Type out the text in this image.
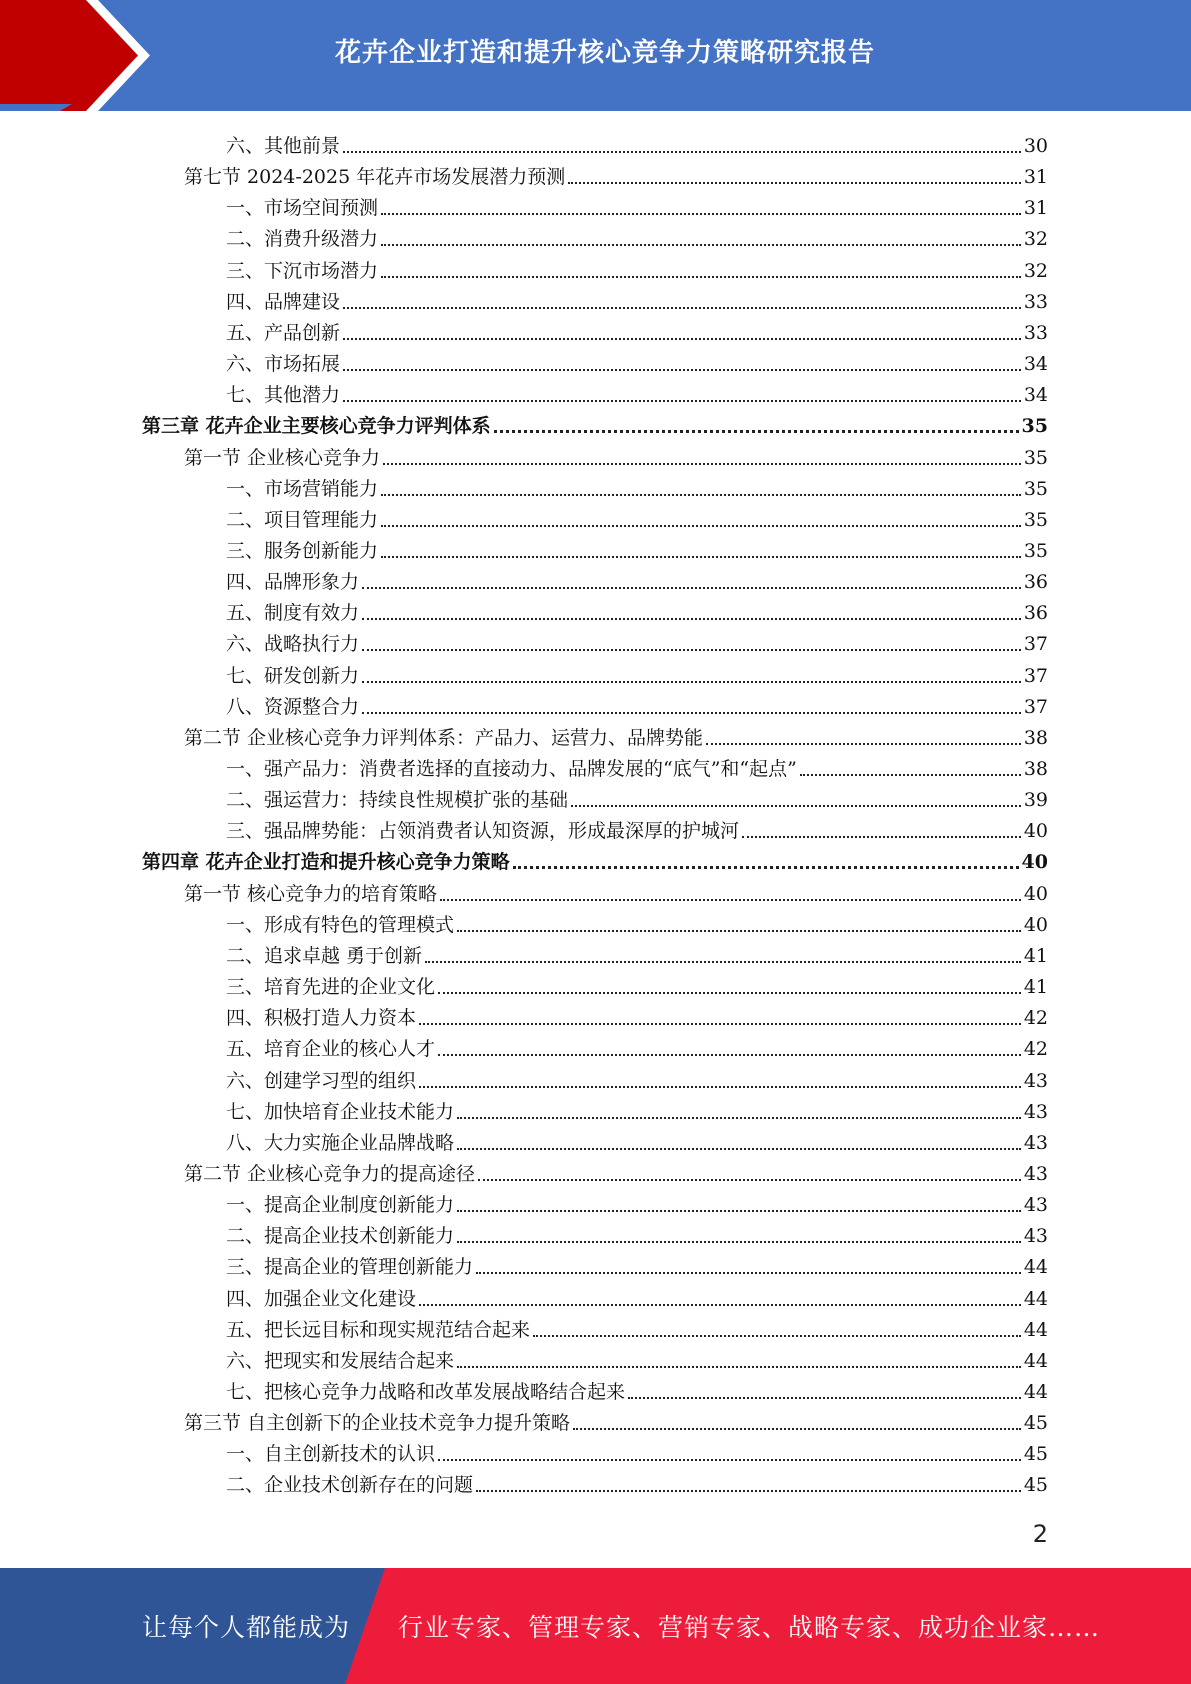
花卉企业打造和提升核心竞争力策略研究报告
六、其他前景	30
第七节 2024-2025 年花卉市场发展潜力预测	31
一、市场空间预测	31
二、消费升级潜力	32
三、下沉市场潜力	32
四、品牌建设	33
五、产品创新	33
六、市场拓展	34
七、其他潜力	34
第三章 花卉企业主要核心竞争力评判体系	35
第一节 企业核心竞争力	35
一、市场营销能力	35
二、项目管理能力	35
三、服务创新能力	35
四、品牌形象力	36
五、制度有效力	36
六、战略执行力	37
七、研发创新力	37
八、资源整合力	37
第二节 企业核心竞争力评判体系：产品力、运营力、品牌势能	38
一、强产品力：消费者选择的直接动力、品牌发展的“底气”和“起点”	38
二、强运营力：持续良性规模扩张的基础	39
三、强品牌势能：占领消费者认知资源，形成最深厚的护城河	40
第四章 花卉企业打造和提升核心竞争力策略	40
第一节 核心竞争力的培育策略	40
一、形成有特色的管理模式	40
二、追求卓越 勇于创新	41
三、培育先进的企业文化	41
四、积极打造人力资本	42
五、培育企业的核心人才	42
六、创建学习型的组织	43
七、加快培育企业技术能力	43
八、大力实施企业品牌战略	43
第二节 企业核心竞争力的提高途径	43
一、提高企业制度创新能力	43
二、提高企业技术创新能力	43
三、提高企业的管理创新能力	44
四、加强企业文化建设	44
五、把长远目标和现实规范结合起来	44
六、把现实和发展结合起来	44
七、把核心竞争力战略和改革发展战略结合起来	44
第三节 自主创新下的企业技术竞争力提升策略	45
一、自主创新技术的认识	45
二、企业技术创新存在的问题	45
2
让每个人都能成为 行业专家、管理专家、营销专家、战略专家、成功企业家……
